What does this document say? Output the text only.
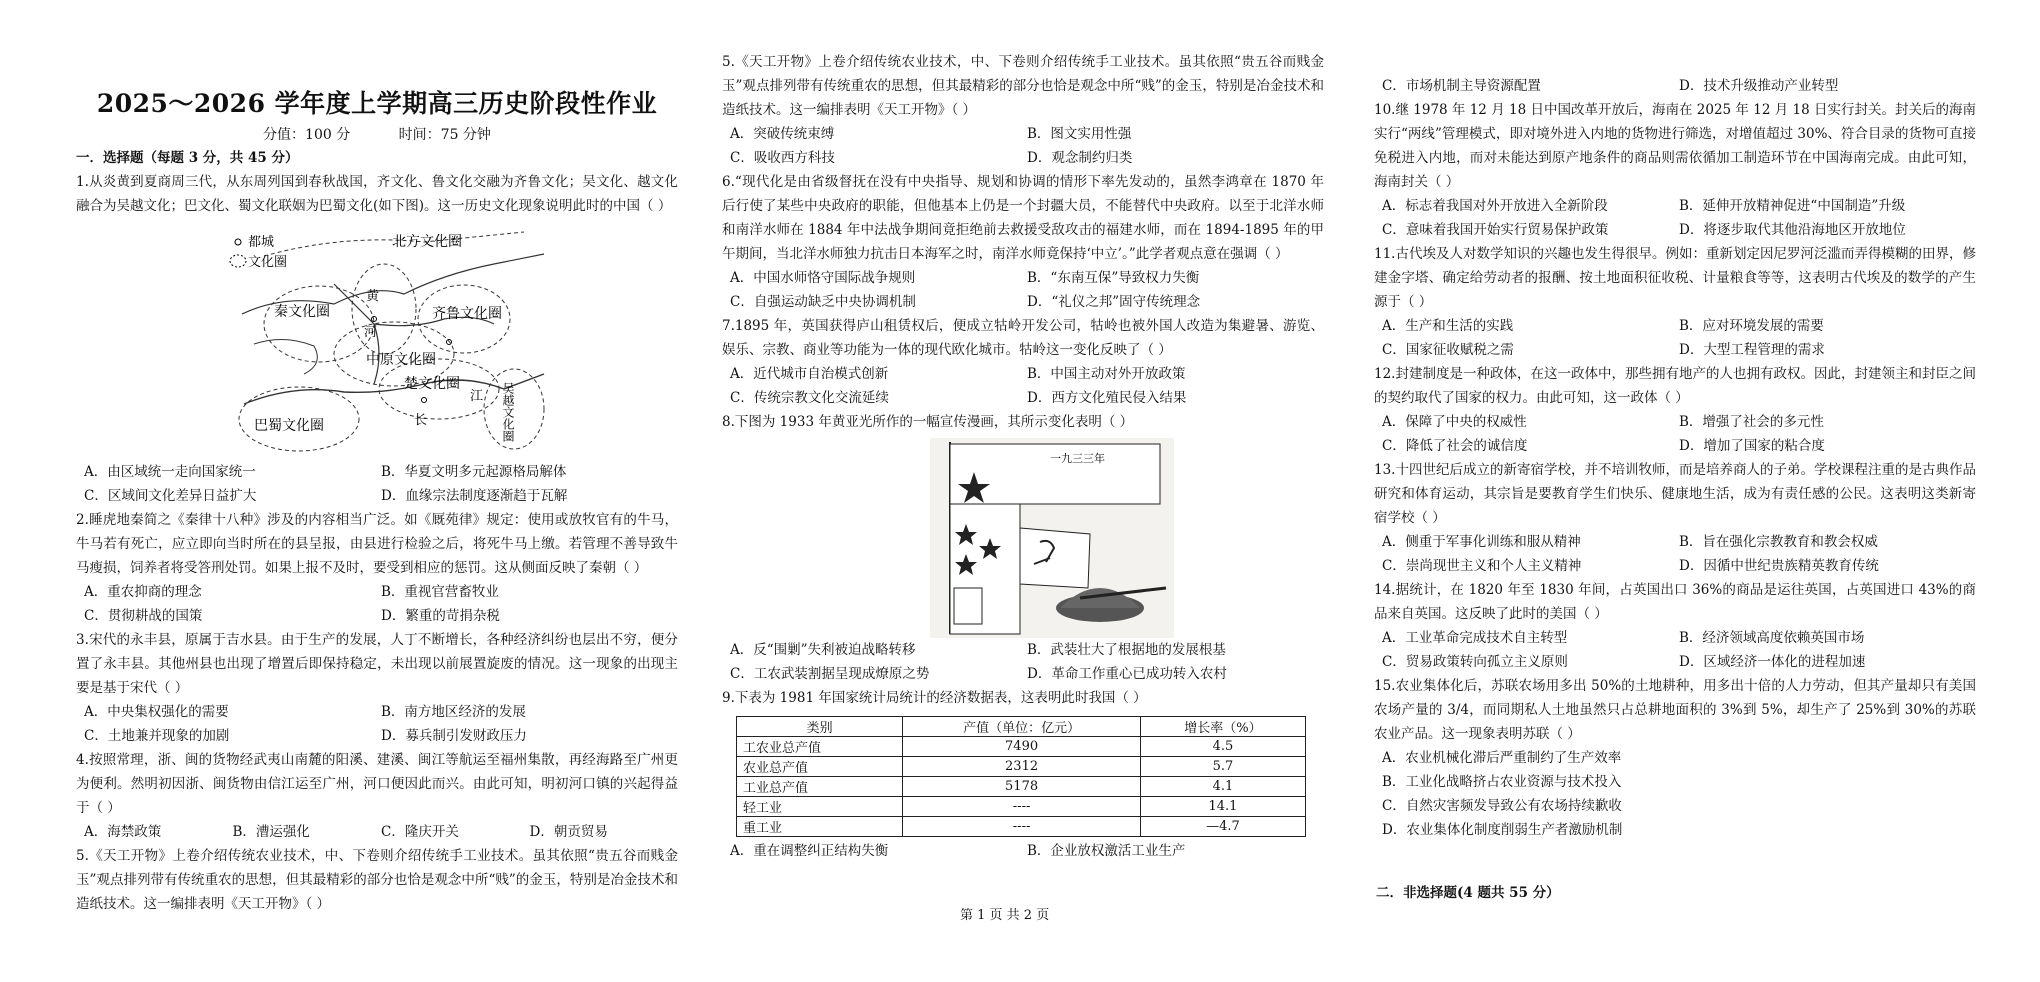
2025～2026 学年度上学期高三历史阶段性作业
分值：100 分	时间：75 分钟
一．选择题（每题 3 分，共 45 分）

1.从炎黄到夏商周三代，从东周列国到春秋战国，齐文化、鲁文化交融为齐鲁文化；吴文化、越文化融合为吴越文化；巴文化、蜀文化联姻为巴蜀文化(如下图)。这一历史文化现象说明此时的中国（ ）

都城
文化圈
北方文化圈
秦文化圈	齐鲁文化圈
中原文化圈
楚文化圈
巴蜀文化圈	吴越文化圈
黄
河
长
江
A．由区域统一走向国家统一	B．华夏文明多元起源格局解体
C．区域间文化差异日益扩大	D．血缘宗法制度逐渐趋于瓦解

2.睡虎地秦简之《秦律十八种》涉及的内容相当广泛。如《厩苑律》规定：使用或放牧官有的牛马，牛马若有死亡，应立即向当时所在的县呈报，由县进行检验之后，将死牛马上缴。若管理不善导致牛马瘦损，饲养者将受答刑处罚。如果上报不及时，要受到相应的惩罚。这从侧面反映了秦朝（ ）

A．重农抑商的理念	B．重视官营畜牧业
C．贯彻耕战的国策	D．繁重的苛捐杂税

3.宋代的永丰县，原属于吉水县。由于生产的发展，人丁不断增长，各种经济纠纷也层出不穷，便分置了永丰县。其他州县也出现了增置后即保持稳定，未出现以前展置旋废的情况。这一现象的出现主要是基于宋代（ ）

A．中央集权强化的需要	B．南方地区经济的发展
C．土地兼并现象的加剧	D．募兵制引发财政压力

4.按照常理，浙、闽的货物经武夷山南麓的阳溪、建溪、闽江等航运至福州集散，再经海路至广州更为便利。然明初因浙、闽货物由信江运至广州，河口便因此而兴。由此可知，明初河口镇的兴起得益于（ ）

A．海禁政策	B．漕运强化	C．隆庆开关	D．朝贡贸易

5.《天工开物》上卷介绍传统农业技术，中、下卷则介绍传统手工业技术。虽其依照“贵五谷而贱金玉”观点排列带有传统重农的思想，但其最精彩的部分也恰是观念中所“贱”的金玉，特别是冶金技术和造纸技术。这一编排表明《天工开物》（ ）

5.《天工开物》上卷介绍传统农业技术，中、下卷则介绍传统手工业技术。虽其依照“贵五谷而贱金玉”观点排列带有传统重农的思想，但其最精彩的部分也恰是观念中所“贱”的金玉，特别是冶金技术和造纸技术。这一编排表明《天工开物》（ ）

A．突破传统束缚	B．图文实用性强
C．吸收西方科技	D．观念制约归类

6.“现代化是由省级督抚在没有中央指导、规划和协调的情形下率先发动的，虽然李鸿章在 1870 年后行使了某些中央政府的职能，但他基本上仍是一个封疆大员，不能替代中央政府。以至于北洋水师和南洋水师在 1884 年中法战争期间竟拒绝前去救援受敌攻击的福建水师，而在 1894-1895 年的甲午期间，当北洋水师独力抗击日本海军之时，南洋水师竟保持‘中立’。”此学者观点意在强调（ ）

A．中国水师恪守国际战争规则	B．“东南互保”导致权力失衡
C．自强运动缺乏中央协调机制	D．“礼仪之邦”固守传统理念

7.1895 年，英国获得庐山租赁权后，便成立牯岭开发公司，牯岭也被外国人改造为集避暑、游览、娱乐、宗教、商业等功能为一体的现代欧化城市。牯岭这一变化反映了（ ）

A．近代城市自治模式创新	B．中国主动对外开放政策
C．传统宗教文化交流延续	D．西方文化殖民侵入结果

8.下图为 1933 年黄亚光所作的一幅宣传漫画，其所示变化表明（ ）

一九三三年
A．反“围剿”失利被迫战略转移	B．武装壮大了根据地的发展根基
C．工农武装割据呈现成燎原之势	D．革命工作重心已成功转入农村

9.下表为 1981 年国家统计局统计的经济数据表，这表明此时我国（ ）

类别	产值（单位：亿元）	增长率（%）
工农业总产值	7490	4.5
农业总产值	2312	5.7
工业总产值	5178	4.1
轻工业	----	14.1
重工业	----	—4.7
A．重在调整纠正结构失衡	B．企业放权激活工业生产
第 1 页 共 2 页
C．市场机制主导资源配置	D．技术升级推动产业转型

10.继 1978 年 12 月 18 日中国改革开放后，海南在 2025 年 12 月 18 日实行封关。封关后的海南实行“两线”管理模式，即对境外进入内地的货物进行筛选，对增值超过 30%、符合目录的货物可直接免税进入内地，而对未能达到原产地条件的商品则需依循加工制造环节在中国海南完成。由此可知，海南封关（ ）

A．标志着我国对外开放进入全新阶段	B．延伸开放精神促进“中国制造”升级
C．意味着我国开始实行贸易保护政策	D．将逐步取代其他沿海地区开放地位

11.古代埃及人对数学知识的兴趣也发生得很早。例如：重新划定因尼罗河泛滥而弄得模糊的田界，修建金字塔、确定给劳动者的报酬、按土地面积征收税、计量粮食等等，这表明古代埃及的数学的产生源于（ ）

A．生产和生活的实践	B．应对环境发展的需要
C．国家征收赋税之需	D．大型工程管理的需求

12.封建制度是一种政体，在这一政体中，那些拥有地产的人也拥有政权。因此，封建领主和封臣之间的契约取代了国家的权力。由此可知，这一政体（ ）

A．保障了中央的权威性	B．增强了社会的多元性
C．降低了社会的诚信度	D．增加了国家的粘合度

13.十四世纪后成立的新寄宿学校，并不培训牧师，而是培养商人的子弟。学校课程注重的是古典作品研究和体育运动，其宗旨是要教育学生们快乐、健康地生活，成为有责任感的公民。这表明这类新寄宿学校（ ）

A．侧重于军事化训练和服从精神	B．旨在强化宗教教育和教会权威
C．崇尚现世主义和个人主义精神	D．因循中世纪贵族精英教育传统

14.据统计，在 1820 年至 1830 年间，占英国出口 36%的商品是运往英国，占英国进口 43%的商品来自英国。这反映了此时的美国（ ）

A．工业革命完成技术自主转型	B．经济领域高度依赖英国市场
C．贸易政策转向孤立主义原则	D．区域经济一体化的进程加速

15.农业集体化后，苏联农场用多出 50%的土地耕种，用多出十倍的人力劳动，但其产量却只有美国农场产量的 3/4，而同期私人土地虽然只占总耕地面积的 3%到 5%，却生产了 25%到 30%的苏联农业产品。这一现象表明苏联（ ）

A．农业机械化滞后严重制约了生产效率
B．工业化战略挤占农业资源与技术投入
C．自然灾害频发导致公有农场持续歉收
D．农业集体化制度削弱生产者激励机制
二．非选择题(4 题共 55 分）
